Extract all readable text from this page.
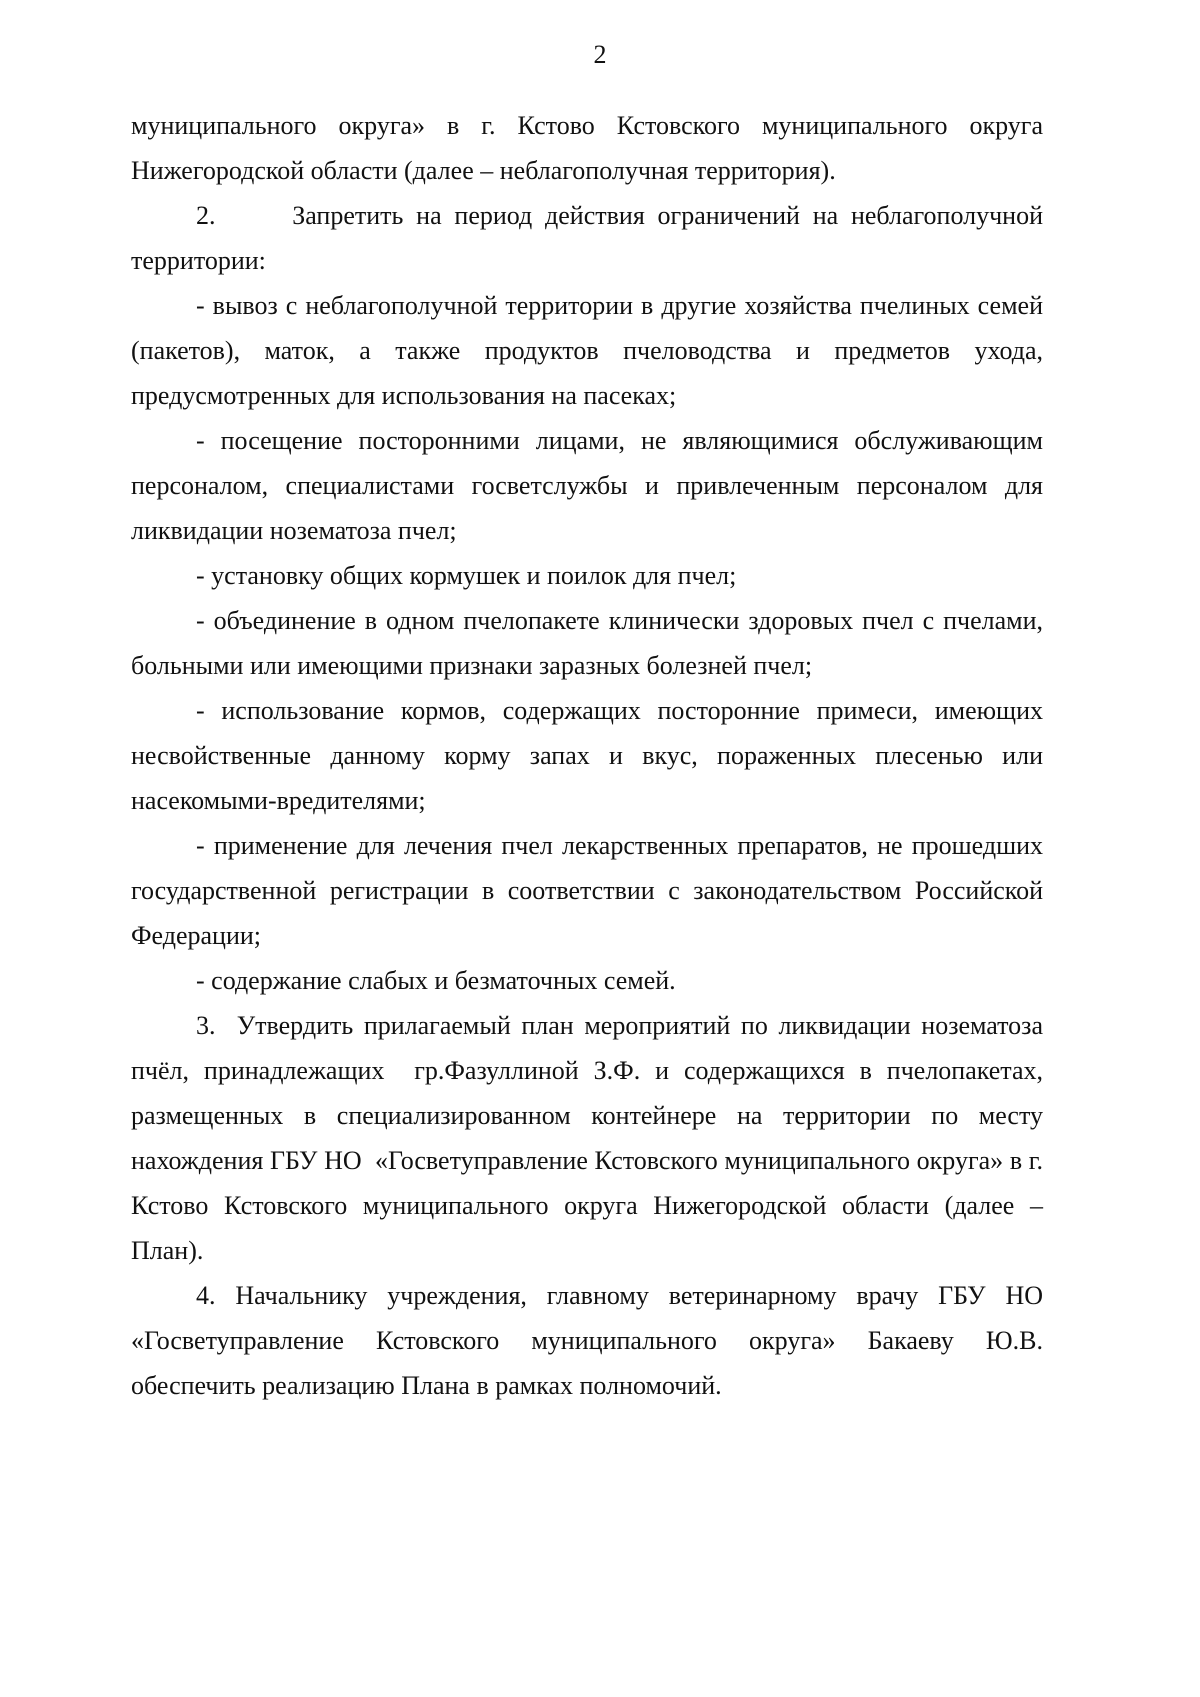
2

муниципального округа» в г. Кстово Кстовского муниципального округа Нижегородской области (далее – неблагополучная территория).

2.      Запретить на период действия ограничений на неблагополучной территории:

- вывоз с неблагополучной территории в другие хозяйства пчелиных семей (пакетов), маток, а также продуктов пчеловодства и предметов ухода, предусмотренных для использования на пасеках;

- посещение посторонними лицами, не являющимися обслуживающим персоналом, специалистами госветслужбы и привлеченным персоналом для ликвидации нозематоза пчел;

- установку общих кормушек и поилок для пчел;

- объединение в одном пчелопакете клинически здоровых пчел с пчелами, больными или имеющими признаки заразных болезней пчел;

- использование кормов, содержащих посторонние примеси, имеющих несвойственные данному корму запах и вкус, пораженных плесенью или насекомыми-вредителями;

- применение для лечения пчел лекарственных препаратов, не прошедших государственной регистрации в соответствии с законодательством Российской Федерации;

- содержание слабых и безматочных семей.

3.  Утвердить прилагаемый план мероприятий по ликвидации нозематоза пчёл, принадлежащих  гр.Фазуллиной З.Ф. и содержащихся в пчелопакетах, размещенных в специализированном контейнере на территории по месту нахождения ГБУ НО  «Госветуправление Кстовского муниципального округа» в г. Кстово Кстовского муниципального округа Нижегородской области (далее – План).

4. Начальнику учреждения, главному ветеринарному врачу ГБУ НО «Госветуправление Кстовского муниципального округа» Бакаеву Ю.В. обеспечить реализацию Плана в рамках полномочий.
